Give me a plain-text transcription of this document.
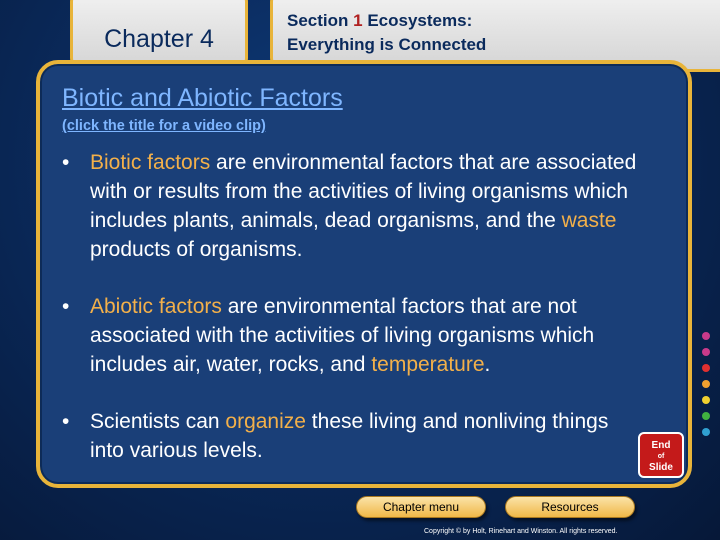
Chapter 4
Section 1 Ecosystems:
Everything is Connected
Biotic and Abiotic Factors
(click the title for a video clip)
• Biotic factors are environmental factors that are associated with or results from the activities of living organisms which includes plants, animals, dead organisms, and the waste products of organisms.
• Abiotic factors are environmental factors that are not associated with the activities of living organisms which includes air, water, rocks, and temperature.
• Scientists can organize these living and nonliving things into various levels.	End
of
Slide
Chapter menu	Resources
Copyright © by Holt, Rinehart and Winston. All rights reserved.
